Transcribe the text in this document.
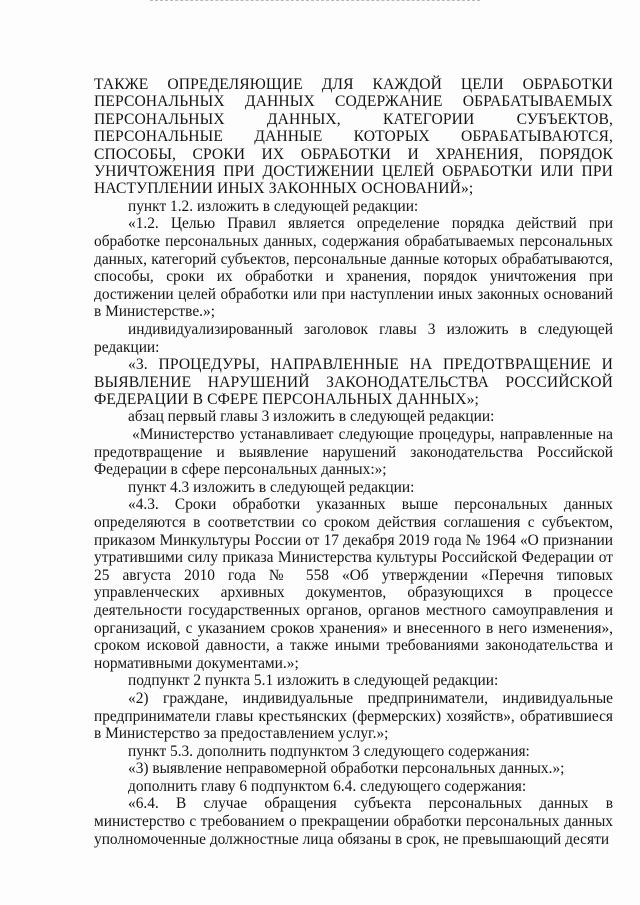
ТАКЖЕ ОПРЕДЕЛЯЮЩИЕ ДЛЯ КАЖДОЙ ЦЕЛИ ОБРАБОТКИ ПЕРСОНАЛЬНЫХ ДАННЫХ СОДЕРЖАНИЕ ОБРАБАТЫВАЕМЫХ ПЕРСОНАЛЬНЫХ ДАННЫХ, КАТЕГОРИИ СУБЪЕКТОВ, ПЕРСОНАЛЬНЫЕ ДАННЫЕ КОТОРЫХ ОБРАБАТЫВАЮТСЯ, СПОСОБЫ, СРОКИ ИХ ОБРАБОТКИ И ХРАНЕНИЯ, ПОРЯДОК УНИЧТОЖЕНИЯ ПРИ ДОСТИЖЕНИИ ЦЕЛЕЙ ОБРАБОТКИ ИЛИ ПРИ НАСТУПЛЕНИИ ИНЫХ ЗАКОННЫХ ОСНОВАНИЙ»;

пункт 1.2. изложить в следующей редакции:

«1.2. Целью Правил является определение порядка действий при обработке персональных данных, содержания обрабатываемых персональных данных, категорий субъектов, персональные данные которых обрабатываются, способы, сроки их обработки и хранения, порядок уничтожения при достижении целей обработки или при наступлении иных законных оснований в Министерстве.»;

индивидуализированный заголовок главы 3 изложить в следующей редакции:

«3. ПРОЦЕДУРЫ, НАПРАВЛЕННЫЕ НА ПРЕДОТВРАЩЕНИЕ И ВЫЯВЛЕНИЕ НАРУШЕНИЙ ЗАКОНОДАТЕЛЬСТВА РОССИЙСКОЙ ФЕДЕРАЦИИ В СФЕРЕ ПЕРСОНАЛЬНЫХ ДАННЫХ»;

абзац первый главы 3 изложить в следующей редакции:

«Министерство устанавливает следующие процедуры, направленные на предотвращение и выявление нарушений законодательства Российской Федерации в сфере персональных данных:»;

пункт 4.3 изложить в следующей редакции:

«4.3. Сроки обработки указанных выше персональных данных определяются в соответствии со сроком действия соглашения с субъектом, приказом Минкультуры России от 17 декабря 2019 года № 1964 «О признании утратившими силу приказа Министерства культуры Российской Федерации от 25 августа 2010 года № 558 «Об утверждении «Перечня типовых управленческих архивных документов, образующихся в процессе деятельности государственных органов, органов местного самоуправления и организаций, с указанием сроков хранения» и внесенного в него изменения», сроком исковой давности, а также иными требованиями законодательства и нормативными документами.»;

подпункт 2 пункта 5.1 изложить в следующей редакции:

«2) граждане, индивидуальные предприниматели, индивидуальные предприниматели главы крестьянских (фермерских) хозяйств», обратившиеся в Министерство за предоставлением услуг.»;

пункт 5.3. дополнить подпунктом 3 следующего содержания:

«3) выявление неправомерной обработки персональных данных.»;

дополнить главу 6 подпунктом 6.4. следующего содержания:

«6.4. В случае обращения субъекта персональных данных в министерство с требованием о прекращении обработки персональных данных уполномоченные должностные лица обязаны в срок, не превышающий десяти
